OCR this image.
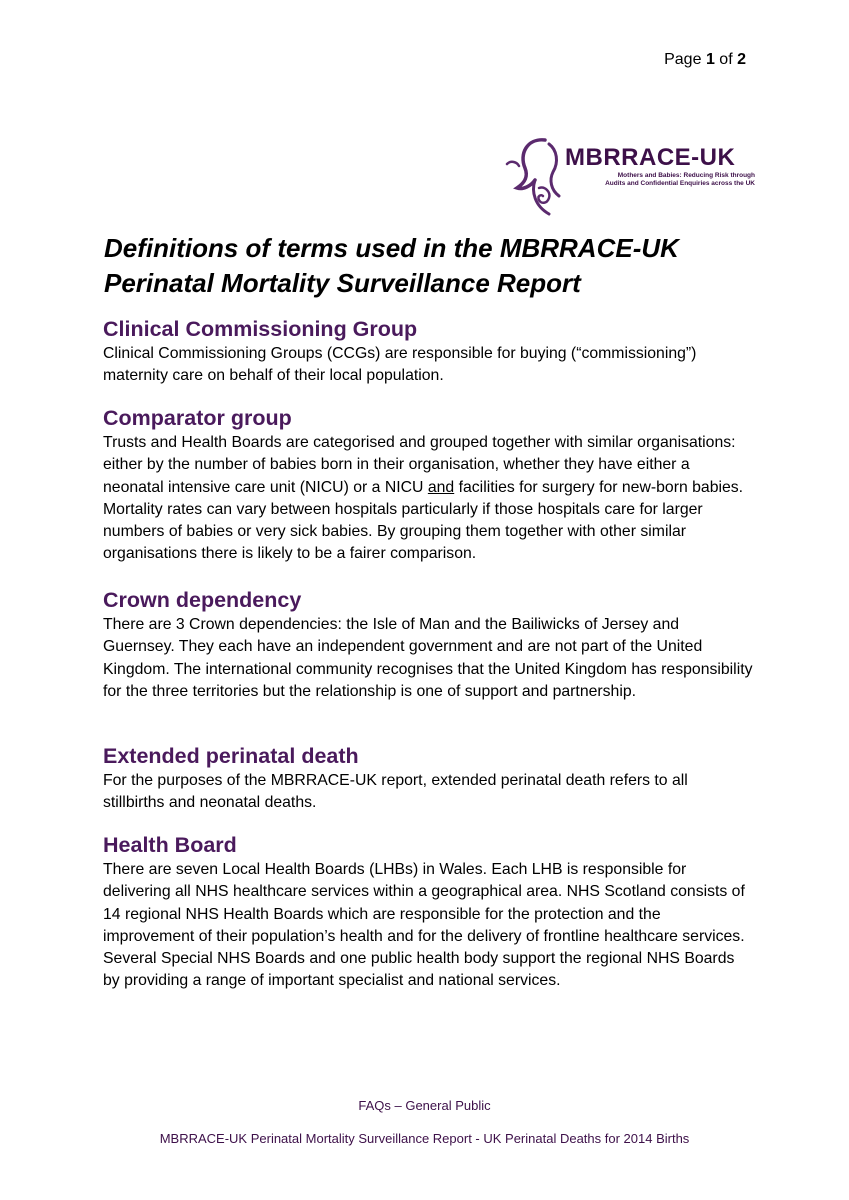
Page 1 of 2
MBRRACE-UK
Mothers and Babies: Reducing Risk through
Audits and Confidential Enquiries across the UK
Definitions of terms used in the MBRRACE-UK
Perinatal Mortality Surveillance Report
Clinical Commissioning Group

Clinical Commissioning Groups (CCGs) are responsible for buying (“commissioning”) maternity care on behalf of their local population.

Comparator group

Trusts and Health Boards are categorised and grouped together with similar organisations: either by the number of babies born in their organisation, whether they have either a neonatal intensive care unit (NICU) or a NICU and facilities for surgery for new-born babies. Mortality rates can vary between hospitals particularly if those hospitals care for larger numbers of babies or very sick babies. By grouping them together with other similar organisations there is likely to be a fairer comparison.

Crown dependency

There are 3 Crown dependencies: the Isle of Man and the Bailiwicks of Jersey and Guernsey. They each have an independent government and are not part of the United Kingdom. The international community recognises that the United Kingdom has responsibility for the three territories but the relationship is one of support and partnership.

Extended perinatal death

For the purposes of the MBRRACE-UK report, extended perinatal death refers to all stillbirths and neonatal deaths.

Health Board

There are seven Local Health Boards (LHBs) in Wales. Each LHB is responsible for delivering all NHS healthcare services within a geographical area. NHS Scotland consists of 14 regional NHS Health Boards which are responsible for the protection and the improvement of their population’s health and for the delivery of frontline healthcare services. Several Special NHS Boards and one public health body support the regional NHS Boards by providing a range of important specialist and national services.

FAQs – General Public
MBRRACE-UK Perinatal Mortality Surveillance Report - UK Perinatal Deaths for 2014 Births
